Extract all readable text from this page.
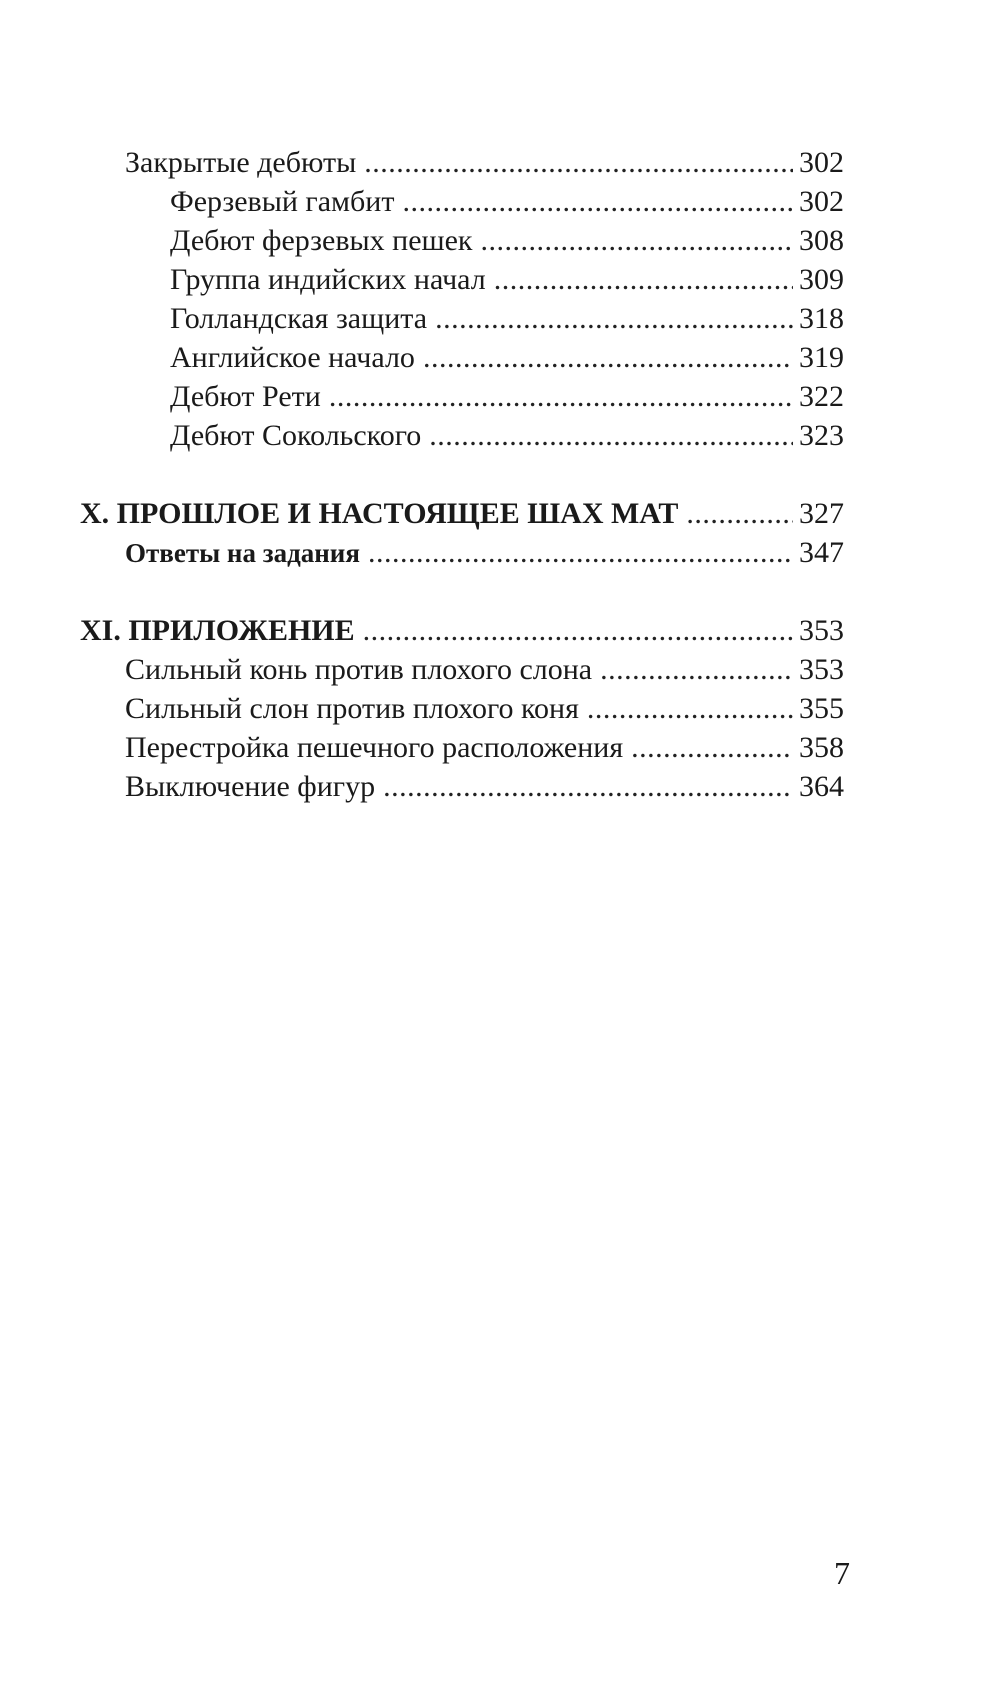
Закрытые дебюты .....	302
Ферзевый гамбит .....	302
Дебют ферзевых пешек .....	308
Группа индийских начал .....	309
Голландская защита .....	318
Английское начало .....	319
Дебют Рети .....	322
Дебют Сокольского .....	323
X. ПРОШЛОЕ И НАСТОЯЩЕЕ ШАХ МАТ .....	327
Ответы на задания .....	347
XI. ПРИЛОЖЕНИЕ .....	353
Сильный конь против плохого слона .....	353
Сильный слон против плохого коня .....	355
Перестройка пешечного расположения .....	358
Выключение фигур .....	364
7
